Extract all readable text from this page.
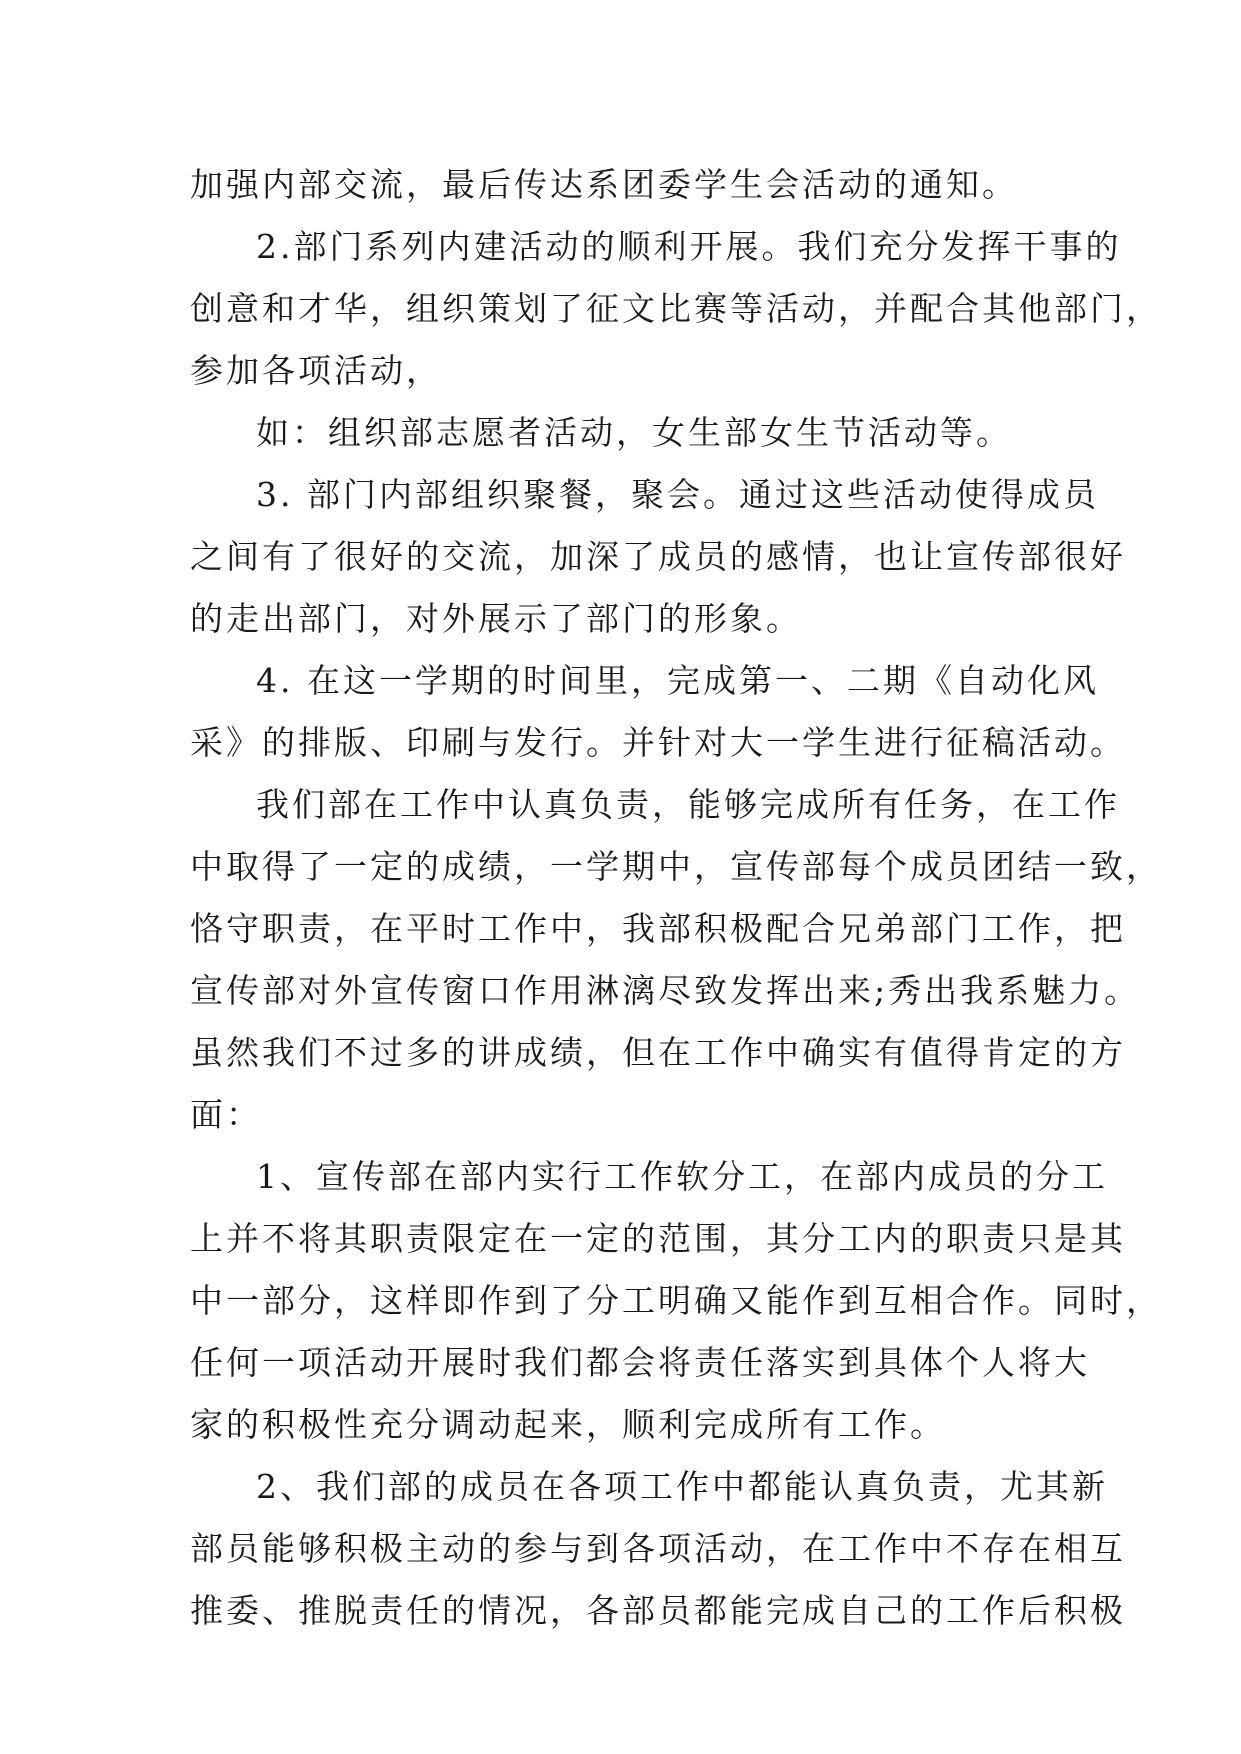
加强内部交流，最后传达系团委学生会活动的通知。
2.部门系列内建活动的顺利开展。我们充分发挥干事的
创意和才华，组织策划了征文比赛等活动，并配合其他部门，
参加各项活动，
如：组织部志愿者活动，女生部女生节活动等。
3. 部门内部组织聚餐，聚会。通过这些活动使得成员
之间有了很好的交流，加深了成员的感情，也让宣传部很好
的走出部门，对外展示了部门的形象。
4. 在这一学期的时间里，完成第一、二期《自动化风
采》的排版、印刷与发行。并针对大一学生进行征稿活动。
我们部在工作中认真负责，能够完成所有任务，在工作
中取得了一定的成绩，一学期中，宣传部每个成员团结一致，
恪守职责，在平时工作中，我部积极配合兄弟部门工作，把
宣传部对外宣传窗口作用淋漓尽致发挥出来;秀出我系魅力。
虽然我们不过多的讲成绩，但在工作中确实有值得肯定的方
面：
1、宣传部在部内实行工作软分工，在部内成员的分工
上并不将其职责限定在一定的范围，其分工内的职责只是其
中一部分，这样即作到了分工明确又能作到互相合作。同时，
任何一项活动开展时我们都会将责任落实到具体个人将大
家的积极性充分调动起来，顺利完成所有工作。
2、我们部的成员在各项工作中都能认真负责，尤其新
部员能够积极主动的参与到各项活动，在工作中不存在相互
推委、推脱责任的情况，各部员都能完成自己的工作后积极
